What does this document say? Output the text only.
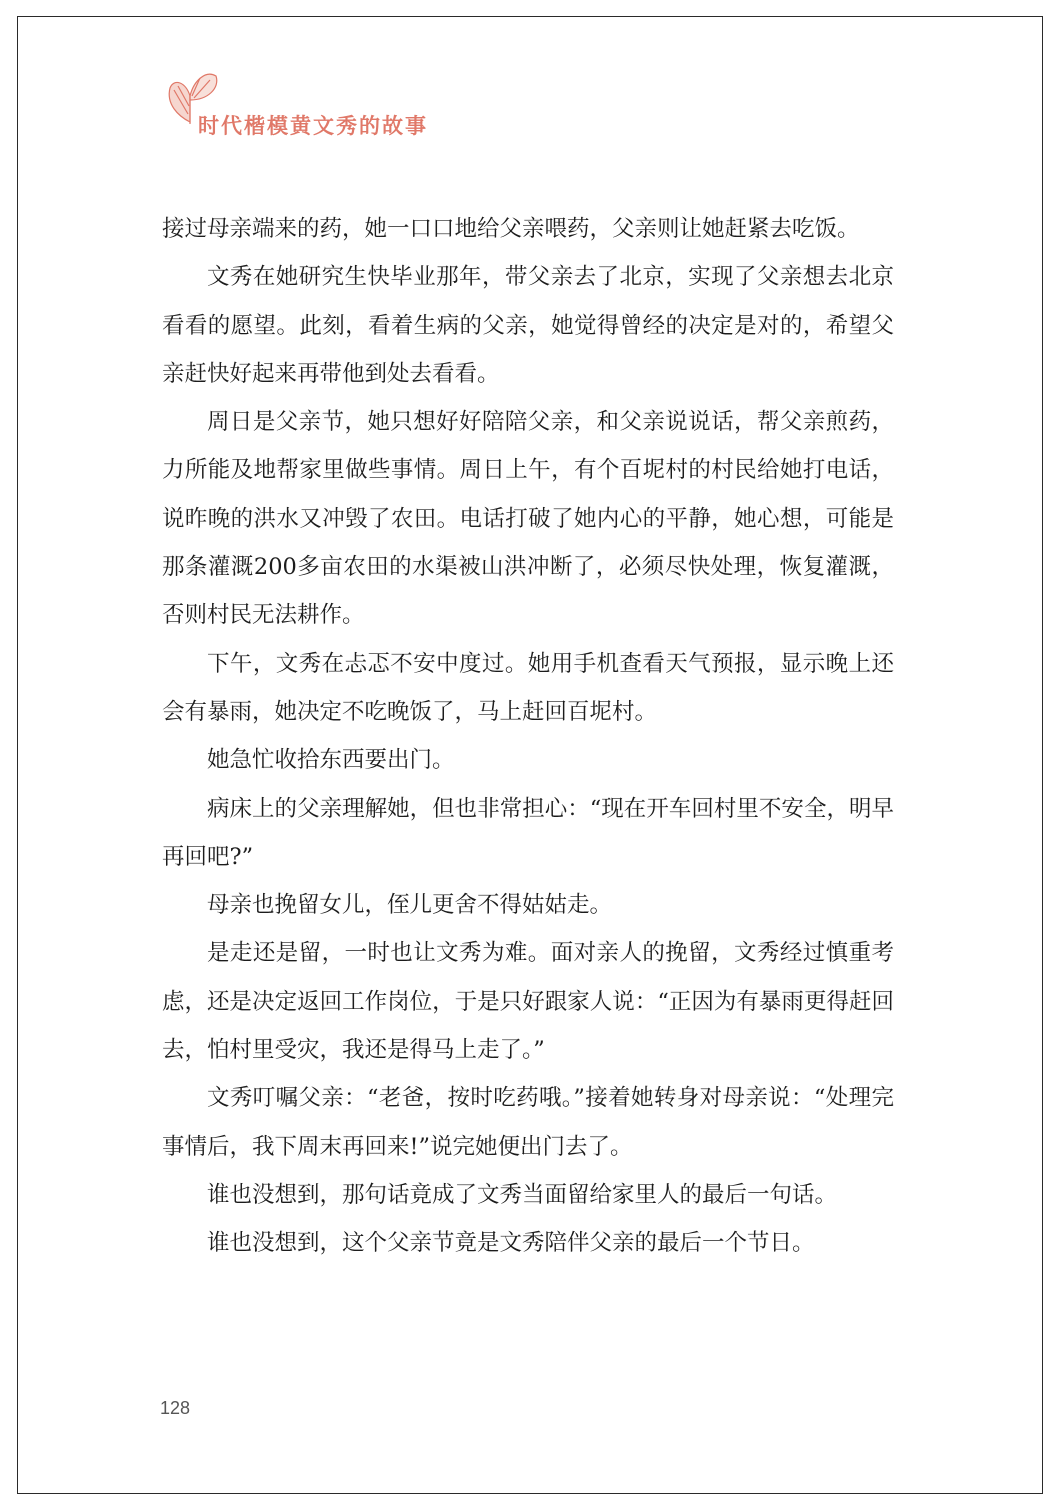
时代楷模黄文秀的故事

接过母亲端来的药，她一口口地给父亲喂药，父亲则让她赶紧去吃饭。

文秀在她研究生快毕业那年，带父亲去了北京，实现了父亲想去北京看看的愿望。此刻，看着生病的父亲，她觉得曾经的决定是对的，希望父亲赶快好起来再带他到处去看看。

周日是父亲节，她只想好好陪陪父亲，和父亲说说话，帮父亲煎药，力所能及地帮家里做些事情。周日上午，有个百坭村的村民给她打电话，说昨晚的洪水又冲毁了农田。电话打破了她内心的平静，她心想，可能是那条灌溉200多亩农田的水渠被山洪冲断了，必须尽快处理，恢复灌溉，否则村民无法耕作。

下午，文秀在忐忑不安中度过。她用手机查看天气预报，显示晚上还会有暴雨，她决定不吃晚饭了，马上赶回百坭村。

她急忙收拾东西要出门。

病床上的父亲理解她，但也非常担心：“现在开车回村里不安全，明早再回吧?”

母亲也挽留女儿，侄儿更舍不得姑姑走。

是走还是留，一时也让文秀为难。面对亲人的挽留，文秀经过慎重考虑，还是决定返回工作岗位，于是只好跟家人说：“正因为有暴雨更得赶回去，怕村里受灾，我还是得马上走了。”

文秀叮嘱父亲：“老爸，按时吃药哦。”接着她转身对母亲说：“处理完事情后，我下周末再回来!”说完她便出门去了。

谁也没想到，那句话竟成了文秀当面留给家里人的最后一句话。

谁也没想到，这个父亲节竟是文秀陪伴父亲的最后一个节日。

128
